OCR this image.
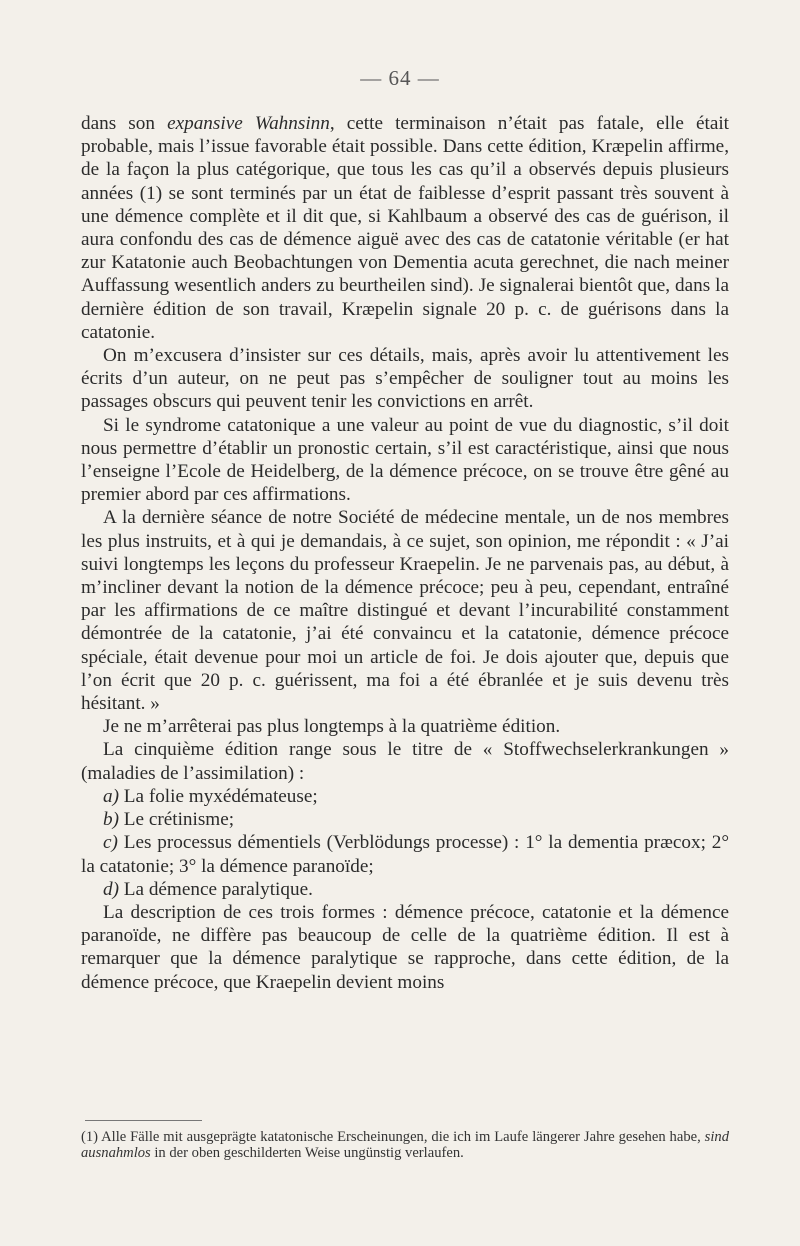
— 64 —

dans son expansive Wahnsinn, cette terminaison n’était pas fatale, elle était probable, mais l’issue favorable était possible. Dans cette édition, Kræpelin affirme, de la façon la plus catégorique, que tous les cas qu’il a observés depuis plusieurs années (1) se sont terminés par un état de faiblesse d’esprit passant très souvent à une démence complète et il dit que, si Kahlbaum a observé des cas de guérison, il aura confondu des cas de démence aiguë avec des cas de catatonie véritable (er hat zur Katatonie auch Beobachtungen von Dementia acuta gerechnet, die nach meiner Auffassung wesentlich anders zu beurtheilen sind). Je signalerai bientôt que, dans la dernière édition de son travail, Kræpelin signale 20 p. c. de guérisons dans la catatonie.

On m’excusera d’insister sur ces détails, mais, après avoir lu attentivement les écrits d’un auteur, on ne peut pas s’empêcher de souligner tout au moins les passages obscurs qui peuvent tenir les convictions en arrêt.

Si le syndrome catatonique a une valeur au point de vue du diagnostic, s’il doit nous permettre d’établir un pronostic certain, s’il est caractéristique, ainsi que nous l’enseigne l’Ecole de Heidelberg, de la démence précoce, on se trouve être gêné au premier abord par ces affirmations.

A la dernière séance de notre Société de médecine mentale, un de nos membres les plus instruits, et à qui je demandais, à ce sujet, son opinion, me répondit : « J’ai suivi longtemps les leçons du professeur Kraepelin. Je ne parvenais pas, au début, à m’incliner devant la notion de la démence précoce; peu à peu, cependant, entraîné par les affirmations de ce maître distingué et devant l’incurabilité constamment démontrée de la catatonie, j’ai été convaincu et la catatonie, démence précoce spéciale, était devenue pour moi un article de foi. Je dois ajouter que, depuis que l’on écrit que 20 p. c. guérissent, ma foi a été ébranlée et je suis devenu très hésitant. »

Je ne m’arrêterai pas plus longtemps à la quatrième édition.

La cinquième édition range sous le titre de « Stoffwechselerkrankungen » (maladies de l’assimilation) :

a) La folie myxédémateuse;

b) Le crétinisme;

c) Les processus démentiels (Verblödungs processe) : 1° la dementia præcox; 2° la catatonie; 3° la démence paranoïde;

d) La démence paralytique.

La description de ces trois formes : démence précoce, catatonie et la démence paranoïde, ne diffère pas beaucoup de celle de la quatrième édition. Il est à remarquer que la démence paralytique se rapproche, dans cette édition, de la démence précoce, que Kraepelin devient moins

(1) Alle Fälle mit ausgeprägte katatonische Erscheinungen, die ich im Laufe längerer Jahre gesehen habe, sind ausnahmlos in der oben geschilderten Weise ungünstig verlaufen.
